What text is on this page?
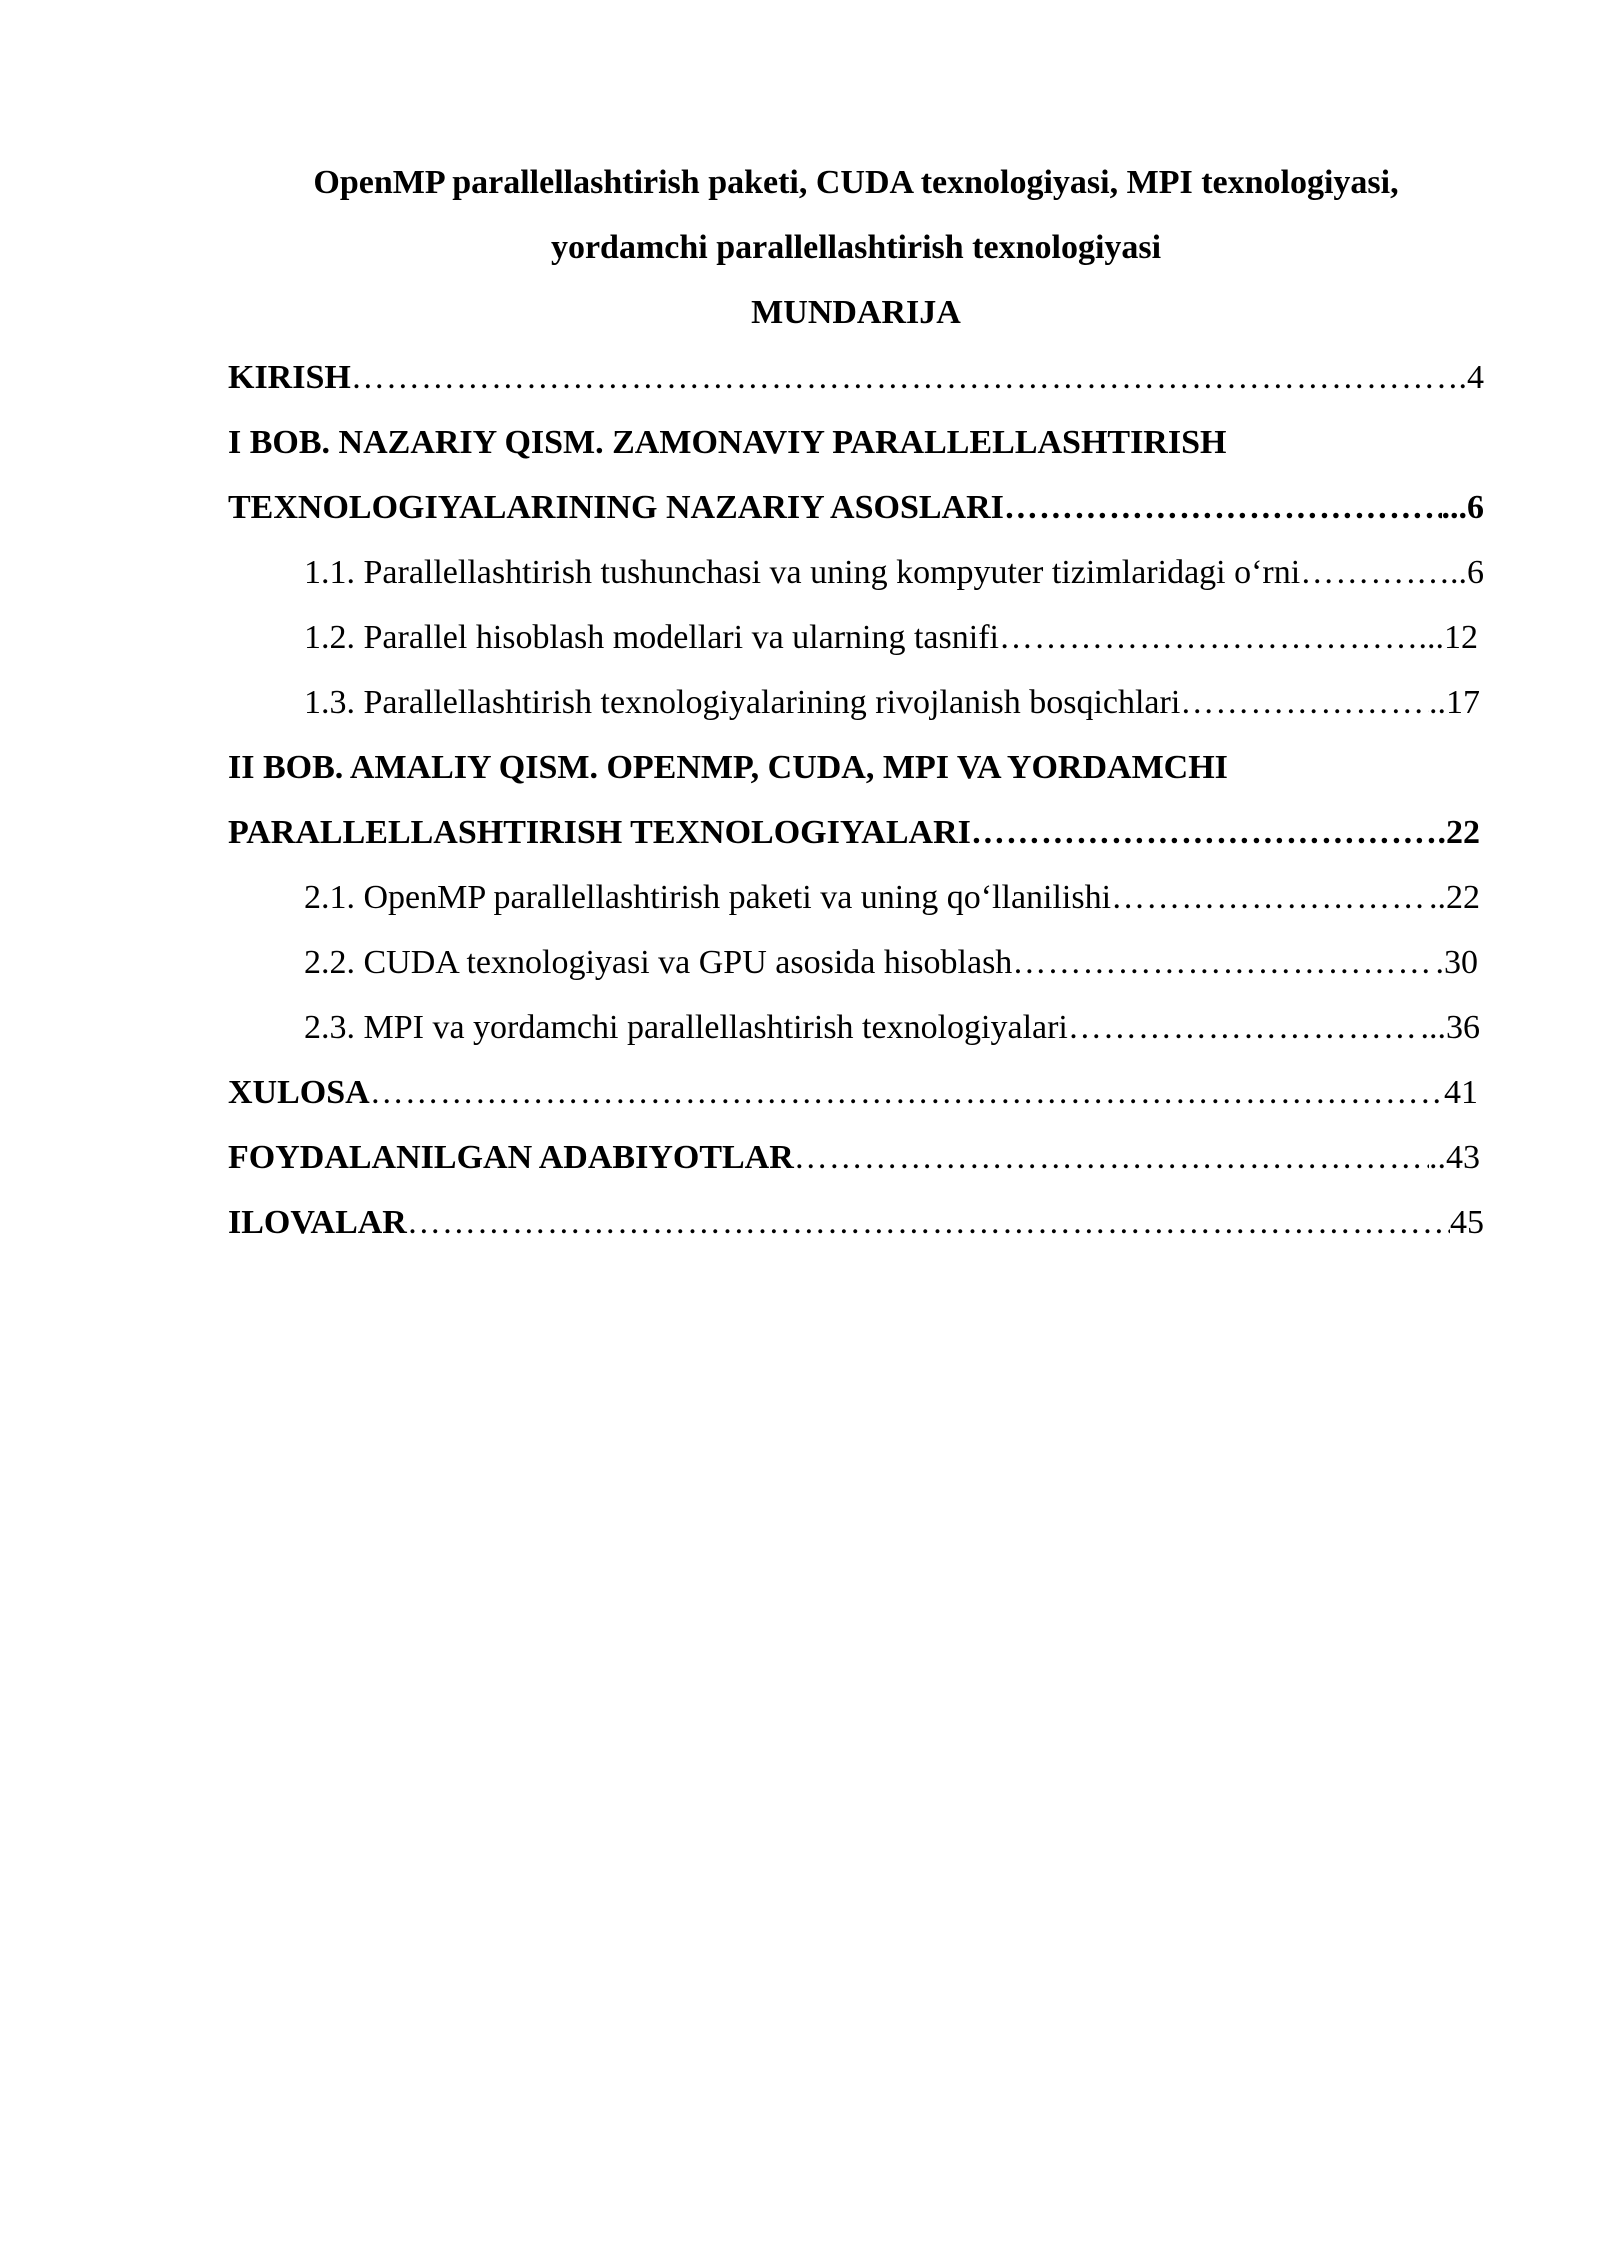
OpenMP parallellashtirish paketi, CUDA texnologiyasi, MPI texnologiyasi,
yordamchi parallellashtirish texnologiyasi
MUNDARIJA
KIRISH …………………………………………………………………………………………………………………………………………………………………………………………	.4
I BOB. NAZARIY QISM. ZAMONAVIY PARALLELLASHTIRISH
TEXNOLOGIYALARINING NAZARIY ASOSLARI …………………………………………………………………………………………………………………………………………………………………………………………	...6
1.1. Parallellashtirish tushunchasi va uning kompyuter tizimlaridagi o‘rni …………………………………………………………………………………………………………………………………………………………………………………………	…..6
1.2. Parallel hisoblash modellari va ularning tasnifi …………………………………………………………………………………………………………………………………………………………………………………………	...12
1.3. Parallellashtirish texnologiyalarining rivojlanish bosqichlari …………………………………………………………………………………………………………………………………………………………………………………………	..17
II BOB. AMALIY QISM. OPENMP, CUDA, MPI VA YORDAMCHI
PARALLELLASHTIRISH TEXNOLOGIYALARI …………………………………………………………………………………………………………………………………………………………………………………………	.22
2.1. OpenMP parallellashtirish paketi va uning qo‘llanilishi …………………………………………………………………………………………………………………………………………………………………………………………	..22
2.2. CUDA texnologiyasi va GPU asosida hisoblash …………………………………………………………………………………………………………………………………………………………………………………………	.30
2.3. MPI va yordamchi parallellashtirish texnologiyalari …………………………………………………………………………………………………………………………………………………………………………………………	...36
XULOSA …………………………………………………………………………………………………………………………………………………………………………………………	41
FOYDALANILGAN ADABIYOTLAR …………………………………………………………………………………………………………………………………………………………………………………………	..43
ILOVALAR …………………………………………………………………………………………………………………………………………………………………………………………	45
